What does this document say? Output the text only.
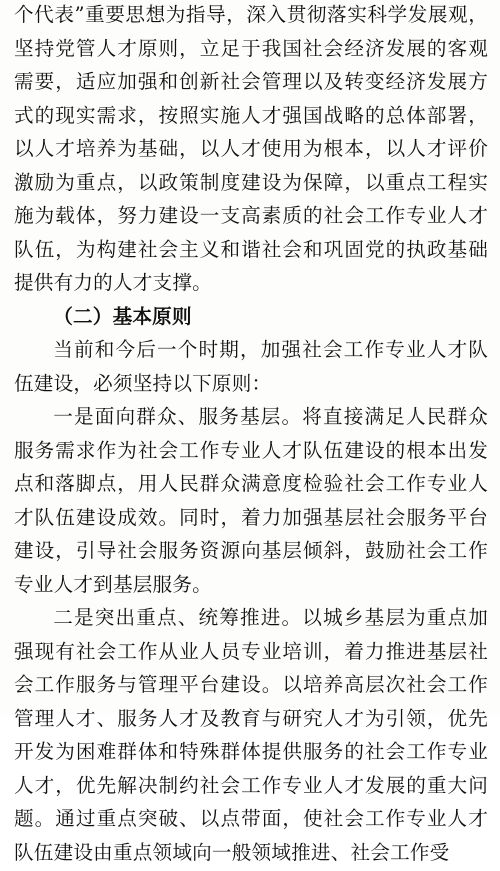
个代表”重要思想为指导，深入贯彻落实科学发展观，坚持党管人才原则，立足于我国社会经济发展的客观需要，适应加强和创新社会管理以及转变经济发展方式的现实需求，按照实施人才强国战略的总体部署，以人才培养为基础，以人才使用为根本，以人才评价激励为重点，以政策制度建设为保障，以重点工程实施为载体，努力建设一支高素质的社会工作专业人才队伍，为构建社会主义和谐社会和巩固党的执政基础提供有力的人才支撑。

（二）基本原则

当前和今后一个时期，加强社会工作专业人才队伍建设，必须坚持以下原则：

一是面向群众、服务基层。将直接满足人民群众服务需求作为社会工作专业人才队伍建设的根本出发点和落脚点，用人民群众满意度检验社会工作专业人才队伍建设成效。同时，着力加强基层社会服务平台建设，引导社会服务资源向基层倾斜，鼓励社会工作专业人才到基层服务。

二是突出重点、统筹推进。以城乡基层为重点加强现有社会工作从业人员专业培训，着力推进基层社会工作服务与管理平台建设。以培养高层次社会工作管理人才、服务人才及教育与研究人才为引领，优先开发为困难群体和特殊群体提供服务的社会工作专业人才，优先解决制约社会工作专业人才发展的重大问题。通过重点突破、以点带面，使社会工作专业人才队伍建设由重点领域向一般领域推进、社会工作受
